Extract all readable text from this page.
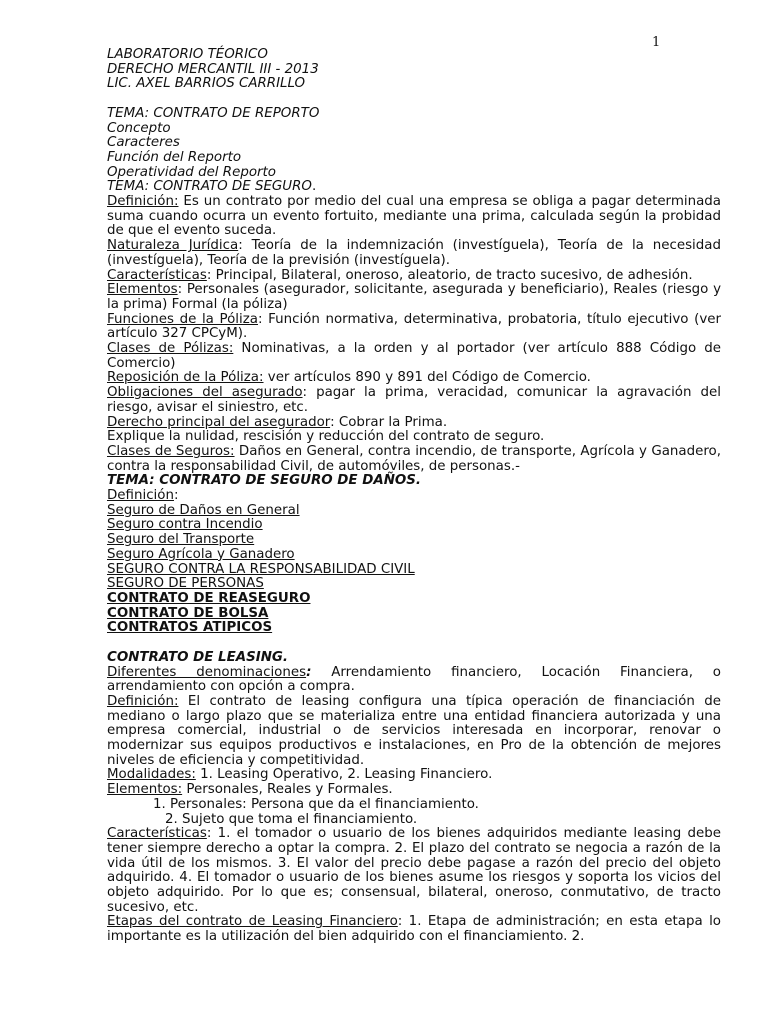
1

LABORATORIO TÉORICO

DERECHO MERCANTIL III - 2013

LIC. AXEL BARRIOS CARRILLO

TEMA: CONTRATO DE REPORTO

Concepto

Caracteres

Función del Reporto

Operatividad del Reporto

TEMA: CONTRATO DE SEGURO.

Definición: Es un contrato por medio del cual una empresa se obliga a pagar determinada suma cuando ocurra un evento fortuito, mediante una prima, calculada según la probidad de que el evento suceda.

Naturaleza Jurídica: Teoría de la indemnización (investíguela), Teoría de la necesidad (investíguela), Teoría de la previsión (investíguela).

Características: Principal, Bilateral, oneroso, aleatorio, de tracto sucesivo, de adhesión.

Elementos: Personales (asegurador, solicitante, asegurada y beneficiario), Reales (riesgo y la prima) Formal (la póliza)

Funciones de la Póliza: Función normativa, determinativa, probatoria, título ejecutivo (ver artículo 327 CPCyM).

Clases de Pólizas: Nominativas, a la orden y al portador (ver artículo 888 Código de Comercio)

Reposición de la Póliza: ver artículos 890 y 891 del Código de Comercio.

Obligaciones del asegurado: pagar la prima, veracidad, comunicar la agravación del riesgo, avisar el siniestro, etc.

Derecho principal del asegurador: Cobrar la Prima.

Explique la nulidad, rescisión y reducción del contrato de seguro.

Clases de Seguros: Daños en General, contra incendio, de transporte, Agrícola y Ganadero, contra la responsabilidad Civil, de automóviles, de personas.-

TEMA: CONTRATO DE SEGURO DE DAÑOS.

Definición:

Seguro de Daños en General

Seguro contra Incendio

Seguro del Transporte

Seguro Agrícola y Ganadero

SEGURO CONTRA LA RESPONSABILIDAD CIVIL

SEGURO DE PERSONAS

CONTRATO DE REASEGURO

CONTRATO DE BOLSA

CONTRATOS ATIPICOS

CONTRATO DE LEASING.

Diferentes denominaciones: Arrendamiento financiero, Locación Financiera, o arrendamiento con opción a compra.

Definición: El contrato de leasing configura una típica operación de financiación de mediano o largo plazo que se materializa entre una entidad financiera autorizada y una empresa comercial, industrial o de servicios interesada en incorporar, renovar o modernizar sus equipos productivos e instalaciones, en Pro de la obtención de mejores niveles de eficiencia y competitividad.

Modalidades: 1. Leasing Operativo, 2. Leasing Financiero.

Elementos: Personales, Reales y Formales.

1. Personales: Persona que da el financiamiento.

2. Sujeto que toma el financiamiento.

Características: 1. el tomador o usuario de los bienes adquiridos mediante leasing debe tener siempre derecho a optar la compra. 2. El plazo del contrato se negocia a razón de la vida útil de los mismos. 3. El valor del precio debe pagase a razón del precio del objeto adquirido. 4. El tomador o usuario de los bienes asume los riesgos y soporta los vicios del objeto adquirido. Por lo que es; consensual, bilateral, oneroso, conmutativo, de tracto sucesivo, etc.

Etapas del contrato de Leasing Financiero: 1. Etapa de administración; en esta etapa lo importante es la utilización del bien adquirido con el financiamiento. 2.
